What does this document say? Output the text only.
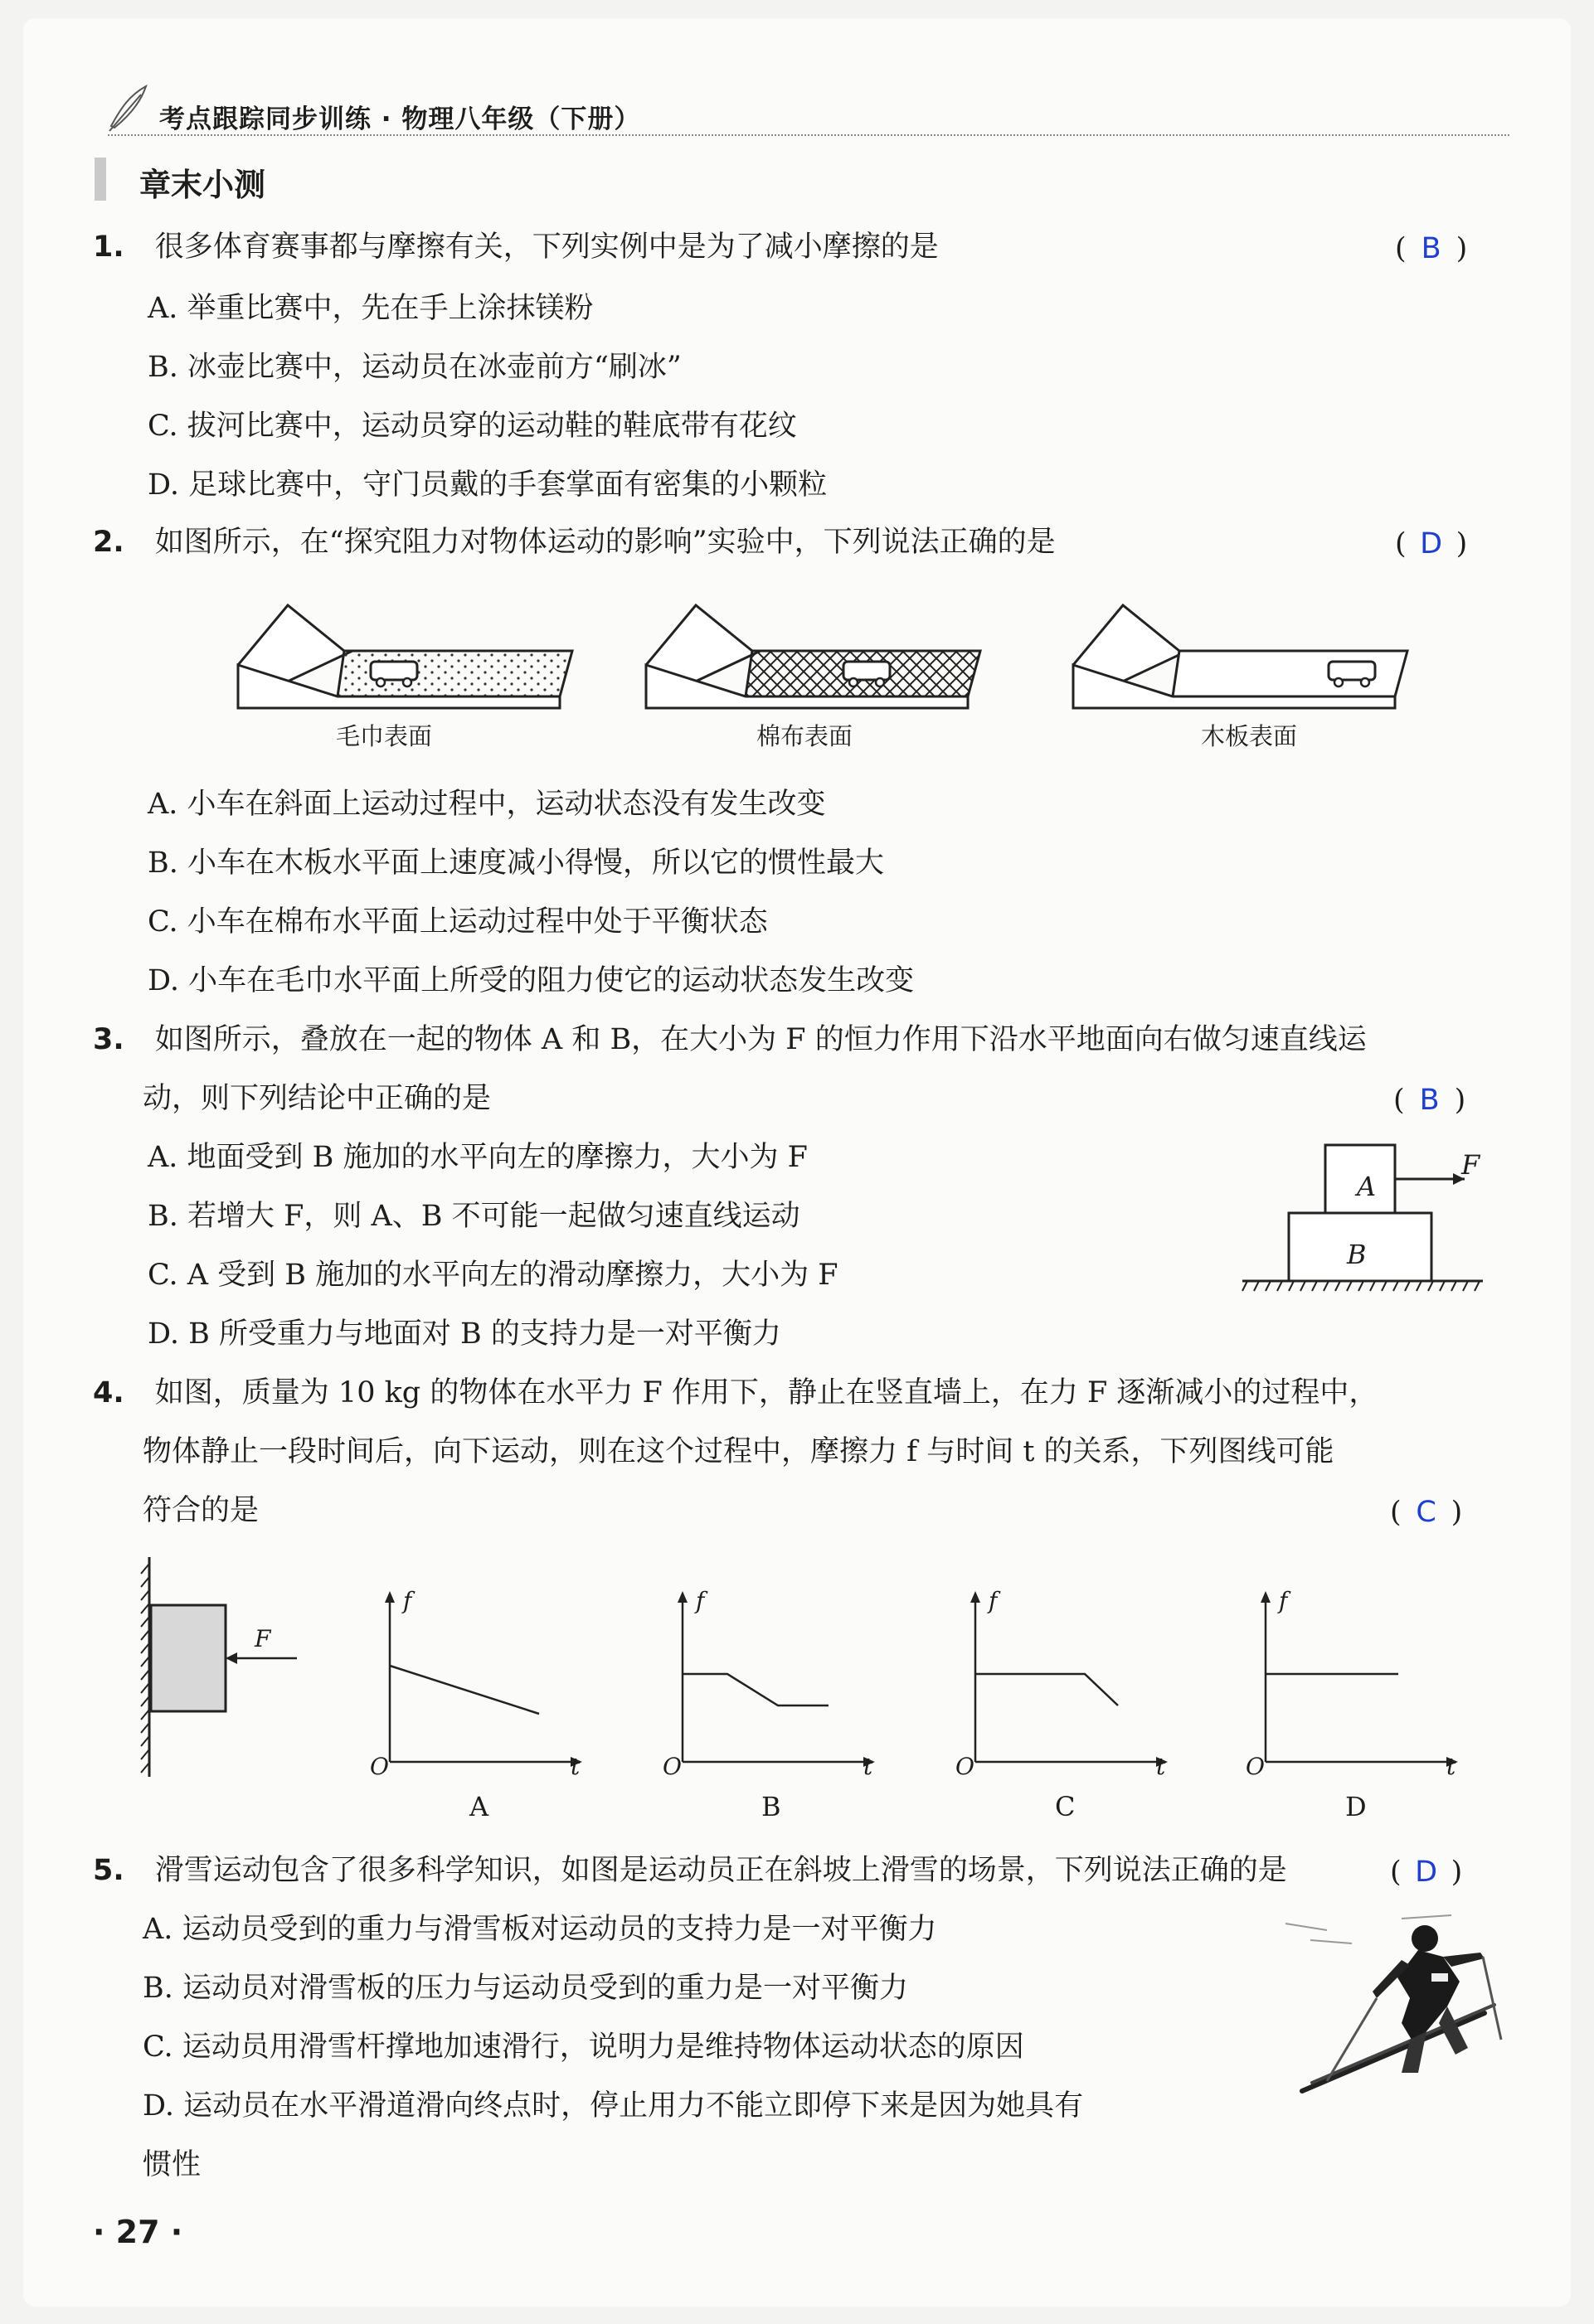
考点跟踪同步训练 · 物理八年级（下册）
章末小测
1. 很多体育赛事都与摩擦有关，下列实例中是为了减小摩擦的是	( B )
A. 举重比赛中，先在手上涂抹镁粉
B. 冰壶比赛中，运动员在冰壶前方“刷冰”
C. 拔河比赛中，运动员穿的运动鞋的鞋底带有花纹
D. 足球比赛中，守门员戴的手套掌面有密集的小颗粒
2. 如图所示，在“探究阻力对物体运动的影响”实验中，下列说法正确的是	( D )
毛巾表面	棉布表面	木板表面
A. 小车在斜面上运动过程中，运动状态没有发生改变
B. 小车在木板水平面上速度减小得慢，所以它的惯性最大
C. 小车在棉布水平面上运动过程中处于平衡状态
D. 小车在毛巾水平面上所受的阻力使它的运动状态发生改变
3. 如图所示，叠放在一起的物体 A 和 B，在大小为 F 的恒力作用下沿水平地面向右做匀速直线运
动，则下列结论中正确的是	( B )
A. 地面受到 B 施加的水平向左的摩擦力，大小为 F
B. 若增大 F，则 A、B 不可能一起做匀速直线运动
C. A 受到 B 施加的水平向左的滑动摩擦力，大小为 F
D. B 所受重力与地面对 B 的支持力是一对平衡力
A
B
F
4. 如图，质量为 10 kg 的物体在水平力 F 作用下，静止在竖直墙上，在力 F 逐渐减小的过程中，
物体静止一段时间后，向下运动，则在这个过程中，摩擦力 f 与时间 t 的关系，下列图线可能
符合的是	( C )
F
f
O	t
f
O	t
f
O	t
f
O	t
A	B	C	D
5. 滑雪运动包含了很多科学知识，如图是运动员正在斜坡上滑雪的场景，下列说法正确的是	( D )
A. 运动员受到的重力与滑雪板对运动员的支持力是一对平衡力
B. 运动员对滑雪板的压力与运动员受到的重力是一对平衡力
C. 运动员用滑雪杆撑地加速滑行，说明力是维持物体运动状态的原因
D. 运动员在水平滑道滑向终点时，停止用力不能立即停下来是因为她具有
惯性
· 27 ·
